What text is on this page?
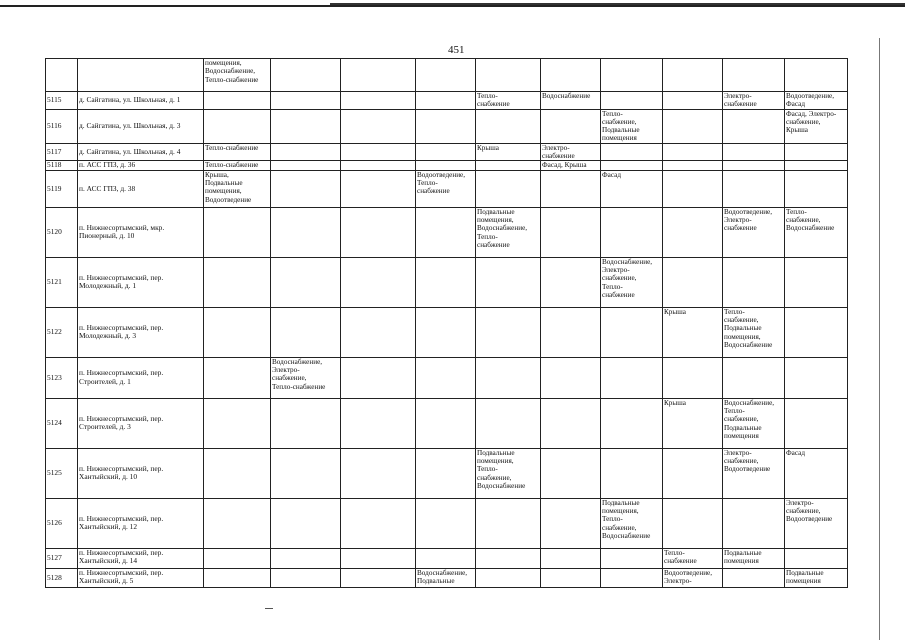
451
		помещения,
Водоснабжение,
Тепло-снабжение									
5115	д. Сайгатина, ул. Школьная, д. 1					Тепло-
снабжение	Водоснабжение			Электро-
снабжение	Водоотведение,
Фасад
5116	д. Сайгатина, ул. Школьная, д. 3							Тепло-
снабжение,
Подвальные
помещения			Фасад, Электро-
снабжение,
Крыша
5117	д. Сайгатина, ул. Школьная, д. 4	Тепло-снабжение				Крыша	Электро-
снабжение				
5118	п. АСС ГПЗ, д. 36	Тепло-снабжение					Фасад, Крыша				
5119	п. АСС ГПЗ, д. 38	Крыша,
Подвальные
помещения,
Водоотведение			Водоотведение,
Тепло-
снабжение			Фасад			
5120	п. Нижнесортымский, мкр.
Пионерный, д. 10					Подвальные
помещения,
Водоснабжение,
Тепло-
снабжение				Водоотведение,
Электро-
снабжение	Тепло-
снабжение,
Водоснабжение
5121	п. Нижнесортымский, пер.
Молодежный, д. 1							Водоснабжение,
Электро-
снабжение,
Тепло-
снабжение			
5122	п. Нижнесортымский, пер.
Молодежный, д. 3								Крыша	Тепло-
снабжение,
Подвальные
помещения,
Водоснабжение	
5123	п. Нижнесортымский, пер.
Строителей, д. 1		Водоснабжение,
Электро-
снабжение,
Тепло-снабжение								
5124	п. Нижнесортымский, пер.
Строителей, д. 3								Крыша	Водоснабжение,
Тепло-
снабжение,
Подвальные
помещения	
5125	п. Нижнесортымский, пер.
Хантыйский, д. 10					Подвальные
помещения,
Тепло-
снабжение,
Водоснабжение				Электро-
снабжение,
Водоотведение	Фасад
5126	п. Нижнесортымский, пер.
Хантыйский, д. 12							Подвальные
помещения,
Тепло-
снабжение,
Водоснабжение			Электро-
снабжение,
Водоотведение
5127	п. Нижнесортымский, пер.
Хантыйский, д. 14								Тепло-
снабжение	Подвальные
помещения	
5128	п. Нижнесортымский, пер.
Хантыйский, д. 5				Водоснабжение,
Подвальные				Водоотведение,
Электро-		Подвальные
помещения
